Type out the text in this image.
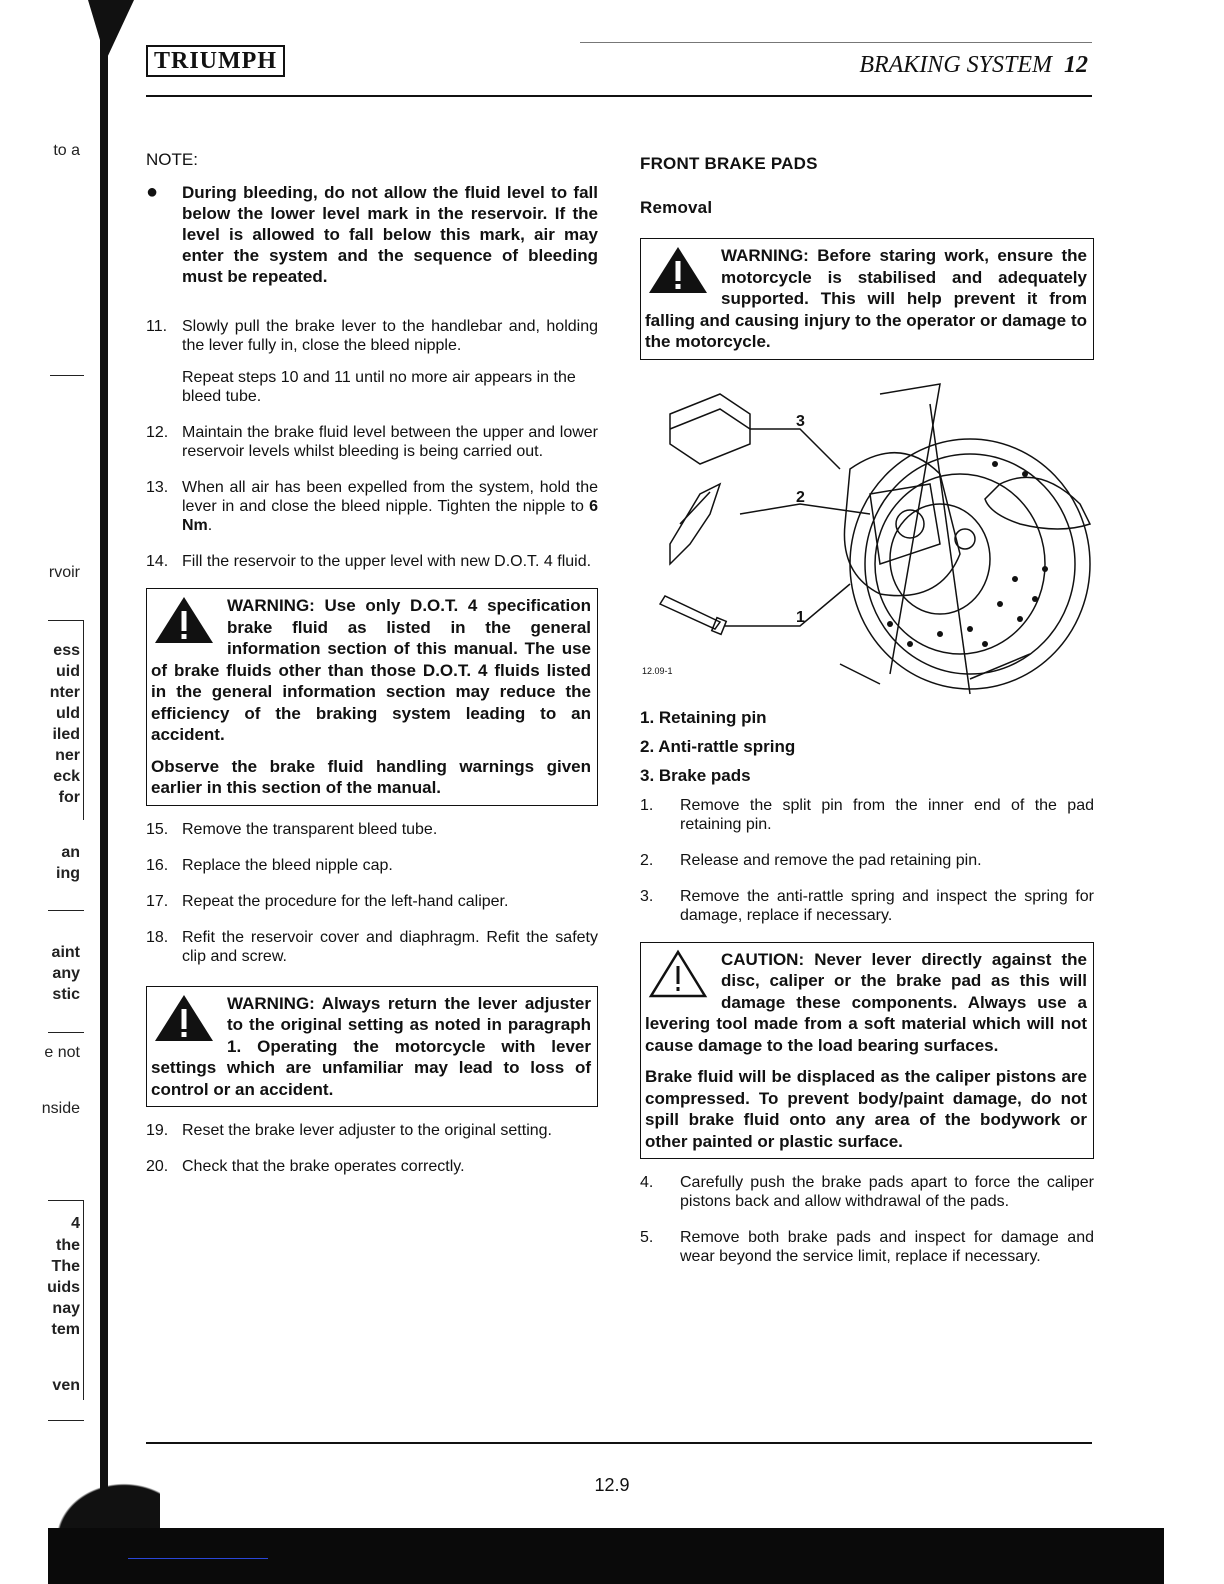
to a
rvoir
ess
uid
nter
uld
iled
ner
eck
for
an
ing
aint
any
stic
e not
nside
4
the
The
uids
nay
tem
ven
TRIUMPH	BRAKING SYSTEM 12
NOTE:
●	During bleeding, do not allow the fluid level to fall below the lower level mark in the reservoir. If the level is allowed to fall below this mark, air may enter the system and the sequence of bleeding must be repeated.
11. Slowly pull the brake lever to the handlebar and, holding the lever fully in, close the bleed nipple.
Repeat steps 10 and 11 until no more air appears in the bleed tube.
12. Maintain the brake fluid level between the upper and lower reservoir levels whilst bleeding is being carried out.
13. When all air has been expelled from the system, hold the lever in and close the bleed nipple. Tighten the nipple to 6 Nm.
14. Fill the reservoir to the upper level with new D.O.T. 4 fluid.
WARNING: Use only D.O.T. 4 specification brake fluid as listed in the general information section of this manual. The use of brake fluids other than those D.O.T. 4 fluids listed in the general information section may reduce the efficiency of the braking system leading to an accident.
Observe the brake fluid handling warnings given earlier in this section of the manual.
15. Remove the transparent bleed tube.
16. Replace the bleed nipple cap.
17. Repeat the procedure for the left-hand caliper.
18. Refit the reservoir cover and diaphragm. Refit the safety clip and screw.
WARNING: Always return the lever adjuster to the original setting as noted in paragraph 1. Operating the motorcycle with lever settings which are unfamiliar may lead to loss of control or an accident.
19. Reset the brake lever adjuster to the original setting.
20. Check that the brake operates correctly.
FRONT BRAKE PADS
Removal
WARNING: Before staring work, ensure the motorcycle is stabilised and adequately supported. This will help prevent it from falling and causing injury to the operator or damage to the motorcycle.
3
2
1
12.09-1
1. Retaining pin
2. Anti-rattle spring
3. Brake pads
1.	Remove the split pin from the inner end of the pad retaining pin.
2.	Release and remove the pad retaining pin.
3.	Remove the anti-rattle spring and inspect the spring for damage, replace if necessary.
CAUTION: Never lever directly against the disc, caliper or the brake pad as this will damage these components. Always use a levering tool made from a soft material which will not cause damage to the load bearing surfaces.
Brake fluid will be displaced as the caliper pistons are compressed. To prevent body/paint damage, do not spill brake fluid onto any area of the bodywork or other painted or plastic surface.
4.	Carefully push the brake pads apart to force the caliper pistons back and allow withdrawal of the pads.
5.	Remove both brake pads and inspect for damage and wear beyond the service limit, replace if necessary.
12.9
